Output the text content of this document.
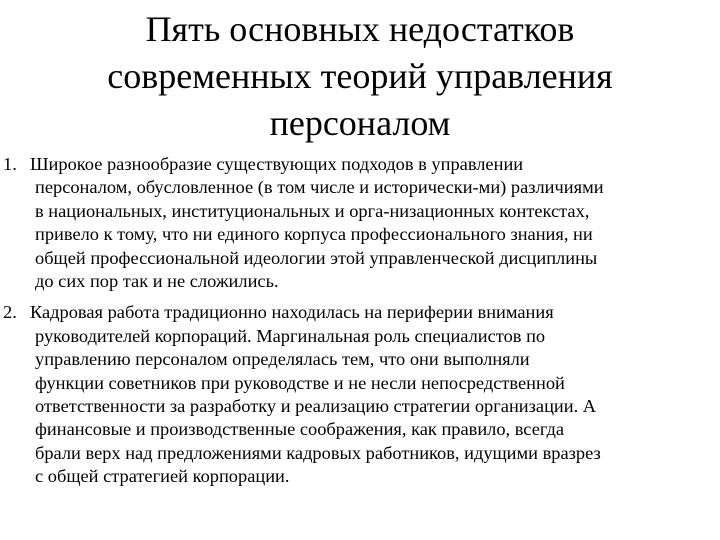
Пять основных недостатков
современных теорий управления
персоналом
1. Широкое разнообразие существующих подходов в управлении
персоналом, обусловленное (в том числе и исторически-ми) различиями
в национальных, институциональных и орга-низационных контекстах,
привело к тому, что ни единого корпуса профессионального знания, ни
общей профессиональной идеологии этой управленческой дисциплины
до сих пор так и не сложились.
2. Кадровая работа традиционно находилась на периферии внимания
руководителей корпораций. Маргинальная роль специалистов по
управлению персоналом определялась тем, что они выполняли
функции советников при руководстве и не несли непосредственной
ответственности за разработку и реализацию стратегии организации. А
финансовые и производственные соображения, как правило, всегда
брали верх над предложениями кадровых работников, идущими вразрез
с общей стратегией корпорации.
